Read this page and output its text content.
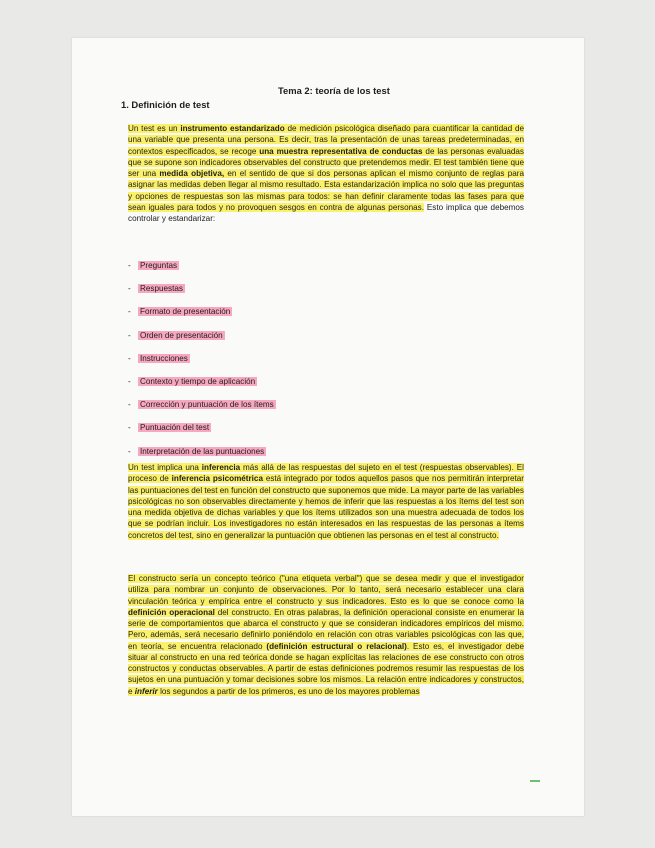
Tema 2: teoría de los test
1. Definición de test

Un test es un instrumento estandarizado de medición psicológica diseñado para cuantificar la cantidad de una variable que presenta una persona. Es decir, tras la presentación de unas tareas predeterminadas, en contextos especificados, se recoge una muestra representativa de conductas de las personas evaluadas que se supone son indicadores observables del constructo que pretendemos medir. El test también tiene que ser una medida objetiva, en el sentido de que si dos personas aplican el mismo conjunto de reglas para asignar las medidas deben llegar al mismo resultado. Esta estandarización implica no solo que las preguntas y opciones de respuestas son las mismas para todos: se han definir claramente todas las fases para que sean iguales para todos y no provoquen sesgos en contra de algunas personas. Esto implica que debemos controlar y estandarizar:

- Preguntas
- Respuestas
- Formato de presentación
- Orden de presentación
- Instrucciones
- Contexto y tiempo de aplicación
- Corrección y puntuación de los ítems
- Puntuación del test
- Interpretación de las puntuaciones

Un test implica una inferencia más allá de las respuestas del sujeto en el test (respuestas observables). El proceso de inferencia psicométrica está integrado por todos aquellos pasos que nos permitirán interpretar las puntuaciones del test en función del constructo que suponemos que mide. La mayor parte de las variables psicológicas no son observables directamente y hemos de inferir que las respuestas a los ítems del test son una medida objetiva de dichas variables y que los ítems utilizados son una muestra adecuada de todos los que se podrían incluir. Los investigadores no están interesados en las respuestas de las personas a ítems concretos del test, sino en generalizar la puntuación que obtienen las personas en el test al constructo.

El constructo sería un concepto teórico ("una etiqueta verbal") que se desea medir y que el investigador utiliza para nombrar un conjunto de observaciones. Por lo tanto, será necesario establecer una clara vinculación teórica y empírica entre el constructo y sus indicadores. Esto es lo que se conoce como la definición operacional del constructo. En otras palabras, la definición operacional consiste en enumerar la serie de comportamientos que abarca el constructo y que se consideran indicadores empíricos del mismo. Pero, además, será necesario definirlo poniéndolo en relación con otras variables psicológicas con las que, en teoría, se encuentra relacionado (definición estructural o relacional). Esto es, el investigador debe situar al constructo en una red teórica donde se hagan explícitas las relaciones de ese constructo con otros constructos y conductas observables. A partir de estas definiciones podremos resumir las respuestas de los sujetos en una puntuación y tomar decisiones sobre los mismos. La relación entre indicadores y constructos, e inferir los segundos a partir de los primeros, es uno de los mayores problemas
